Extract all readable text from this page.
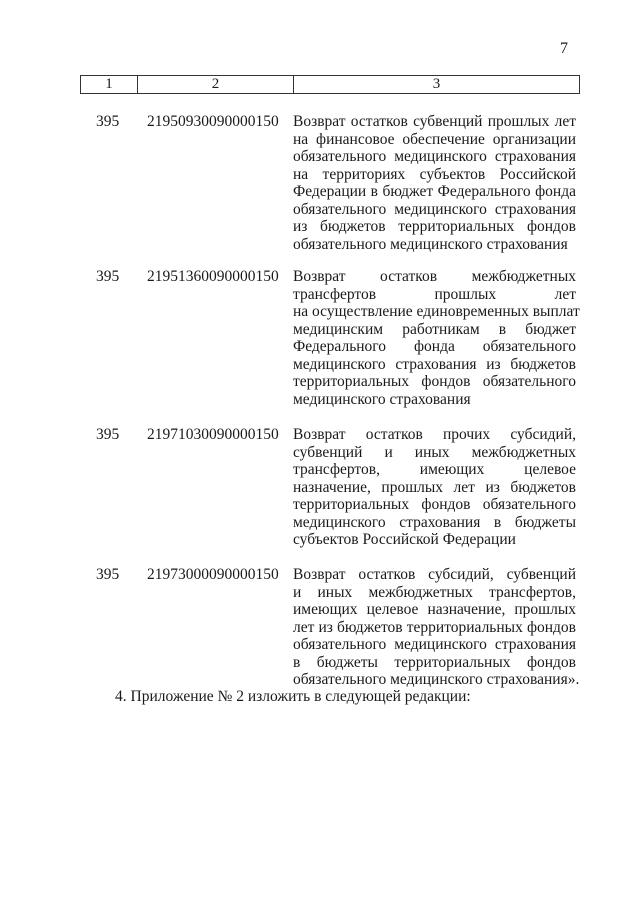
7
1	2	3
395 21950930090000150 Возврат остатков субвенций прошлых лет
на финансовое обеспечение организации
обязательного медицинского страхования
на территориях субъектов Российской
Федерации в бюджет Федерального фонда
обязательного медицинского страхования
из бюджетов территориальных фондов
обязательного медицинского страхования
395 21951360090000150 Возврат остатков межбюджетных
трансфертов прошлых лет
на осуществление единовременных выплат
медицинским работникам в бюджет
Федерального фонда обязательного
медицинского страхования из бюджетов
территориальных фондов обязательного
медицинского страхования
395 21971030090000150 Возврат остатков прочих субсидий,
субвенций и иных межбюджетных
трансфертов, имеющих целевое
назначение, прошлых лет из бюджетов
территориальных фондов обязательного
медицинского страхования в бюджеты
субъектов Российской Федерации
395 21973000090000150 Возврат остатков субсидий, субвенций
и иных межбюджетных трансфертов,
имеющих целевое назначение, прошлых
лет из бюджетов территориальных фондов
обязательного медицинского страхования
в бюджеты территориальных фондов
обязательного медицинского страхования».
4. Приложение № 2 изложить в следующей редакции:
